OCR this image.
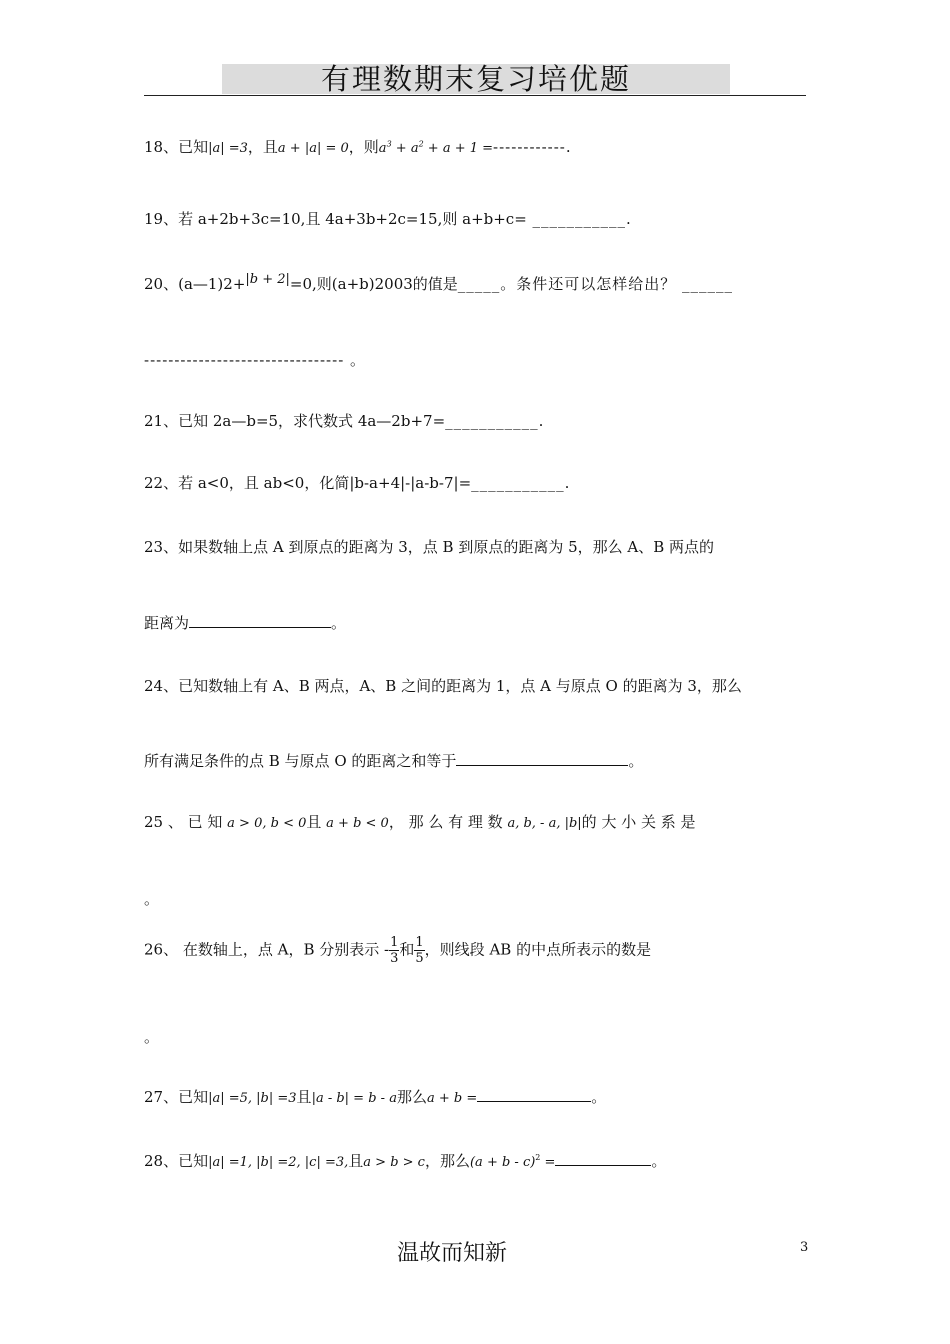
有理数期末复习培优题
18、已知|a| =3，且a + |a| = 0，则$a^3 + a^2 + a + 1$ =------------.
19、若 a+2b+3c=10,且 4a+3b+2c=15,则 a+b+c= ___________.
20、(a—1)2+$^{|b + 2|}$=0,则(a+b)2003的值是_____。条件还可以怎样给出？ ______
--------------------------------- 。
21、已知 2a—b=5，求代数式 4a—2b+7=___________.
22、若 a<0，且 ab<0，化简|b-a+4|-|a-b-7|=___________.
23、如果数轴上点 A 到原点的距离为 3，点 B 到原点的距离为 5，那么 A、B 两点的
距离为	。
24、已知数轴上有 A、B 两点，A、B 之间的距离为 1，点 A 与原点 O 的距离为 3，那么
所有满足条件的点 B 与原点 O 的距离之和等于	。
25 、 已 知 a > 0, b < 0且 a + b < 0， 那 么 有 理 数 a, b, - a, |b|的 大 小 关 系 是
。
26、 在数轴上，点 A，B 分别表示 - $\frac{1}{3}$ 和 $\frac{1}{5}$ ，则线段 AB 的中点所表示的数是
。
27、已知|a| =5, |b| =3且|a - b| = b - a那么a + b =	。
28、已知|a| =1, |b| =2, |c| =3,且a > b > c，那么$(a + b - c)^2$ =	。
温故而知新	3
